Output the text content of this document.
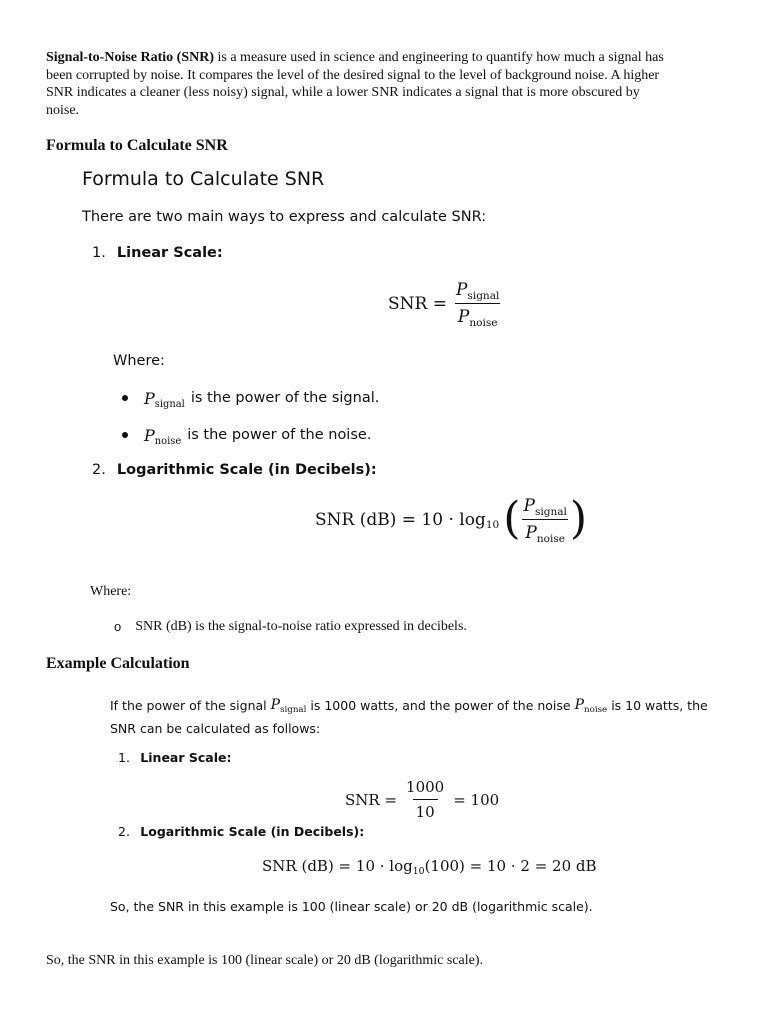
Signal-to-Noise Ratio (SNR) is a measure used in science and engineering to quantify how much a signal has
been corrupted by noise. It compares the level of the desired signal to the level of background noise. A higher
SNR indicates a cleaner (less noisy) signal, while a lower SNR indicates a signal that is more obscured by
noise.
Formula to Calculate SNR
Formula to Calculate SNR
There are two main ways to express and calculate SNR:
1. Linear Scale:
SNR = $\frac{P_{signal}}{P_{noise}}$
Where:
$P_{signal}$ is the power of the signal.
$P_{noise}$ is the power of the noise.
2. Logarithmic Scale (in Decibels):
SNR (dB) = 10 · log 10 ( $\frac{P_{signal}}{P_{noise}}$ )
Where:
o SNR (dB) is the signal-to-noise ratio expressed in decibels.
Example Calculation
If the power of the signal $P_{signal}$ is 1000 watts, and the power of the noise $P_{noise}$ is 10 watts, the
SNR can be calculated as follows:
1. Linear Scale:
SNR = $\frac{1000}{10} = 100$
2. Logarithmic Scale (in Decibels):
SNR $(dB) = 10 \cdot \log_{10}(100) = 10 \cdot 2 = 20$ dB
So, the SNR in this example is 100 (linear scale) or 20 dB (logarithmic scale).
So, the SNR in this example is 100 (linear scale) or 20 dB (logarithmic scale).
